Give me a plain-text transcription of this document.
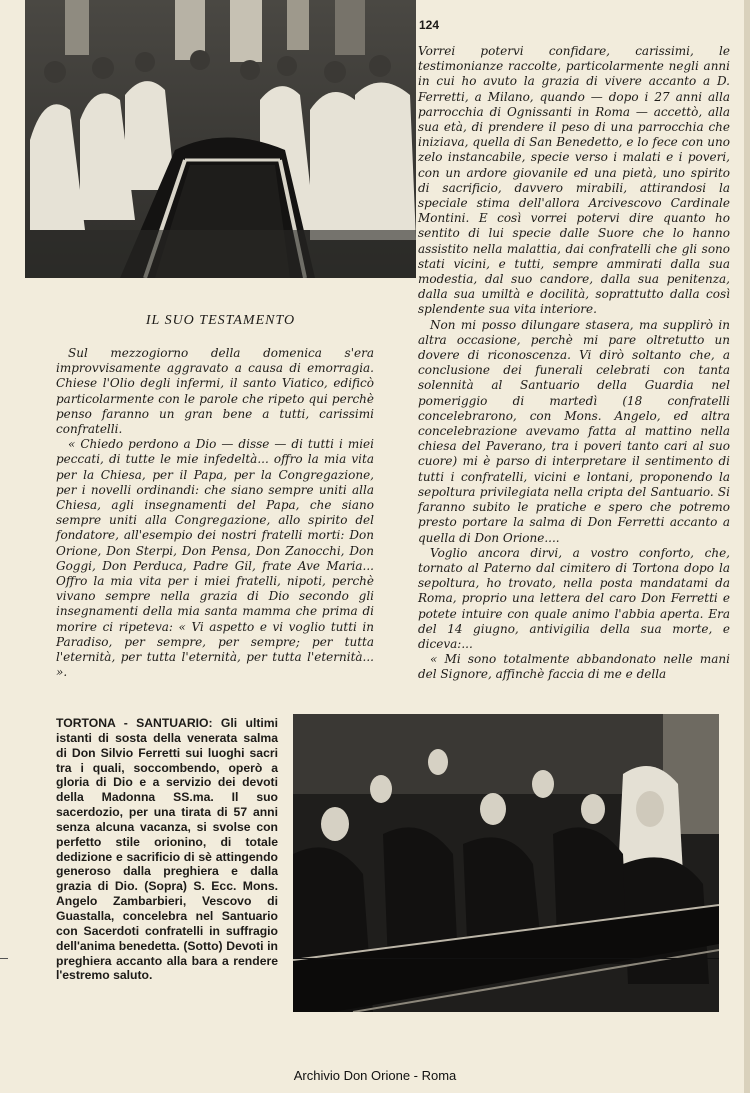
124

Vorrei potervi confidare, carissimi, le testimonianze raccolte, particolarmente negli anni in cui ho avuto la grazia di vivere accanto a D. Ferretti, a Milano, quando — dopo i 27 anni alla parrocchia di Ognissanti in Roma — accettò, alla sua età, di prendere il peso di una parrocchia che iniziava, quella di San Benedetto, e lo fece con uno zelo instancabile, specie verso i malati e i poveri, con un ardore giovanile ed una pietà, uno spirito di sacrificio, davvero mirabili, attirandosi la speciale stima dell'allora Arcivescovo Cardinale Montini. E così vorrei potervi dire quanto ho sentito di lui specie dalle Suore che lo hanno assistito nella malattia, dai confratelli che gli sono stati vicini, e tutti, sempre ammirati dalla sua modestia, dal suo candore, dalla sua penitenza, dalla sua umiltà e docilità, soprattutto dalla così splendente sua vita interiore.

Non mi posso dilungare stasera, ma supplirò in altra occasione, perchè mi pare oltretutto un dovere di riconoscenza. Vi dirò soltanto che, a conclusione dei funerali celebrati con tanta solennità al Santuario della Guardia nel pomeriggio di martedì (18 confratelli concelebrarono, con Mons. Angelo, ed altra concelebrazione avevamo fatta al mattino nella chiesa del Paverano, tra i poveri tanto cari al suo cuore) mi è parso di interpretare il sentimento di tutti i confratelli, vicini e lontani, proponendo la sepoltura privilegiata nella cripta del Santuario. Si faranno subito le pratiche e spero che potremo presto portare la salma di Don Ferretti accanto a quella di Don Orione....

Voglio ancora dirvi, a vostro conforto, che, tornato al Paterno dal cimitero di Tortona dopo la sepoltura, ho trovato, nella posta mandatami da Roma, proprio una lettera del caro Don Ferretti e potete intuire con quale animo l'abbia aperta. Era del 14 giugno, antivigilia della sua morte, e diceva:...

« Mi sono totalmente abbandonato nelle mani del Signore, affinchè faccia di me e della

IL SUO TESTAMENTO

Sul mezzogiorno della domenica s'era improvvisamente aggravato a causa di emorragia. Chiese l'Olio degli infermi, il santo Viatico, edificò particolarmente con le parole che ripeto qui perchè penso faranno un gran bene a tutti, carissimi confratelli.

« Chiedo perdono a Dio — disse — di tutti i miei peccati, di tutte le mie infedeltà... offro la mia vita per la Chiesa, per il Papa, per la Congregazione, per i novelli ordinandi: che siano sempre uniti alla Chiesa, agli insegnamenti del Papa, che siano sempre uniti alla Congregazione, allo spirito del fondatore, all'esempio dei nostri fratelli morti: Don Orione, Don Sterpi, Don Pensa, Don Zanocchi, Don Goggi, Don Perduca, Padre Gil, frate Ave Maria... Offro la mia vita per i miei fratelli, nipoti, perchè vivano sempre nella grazia di Dio secondo gli insegnamenti della mia santa mamma che prima di morire ci ripeteva: « Vi aspetto e vi voglio tutti in Paradiso, per sempre, per sempre; per tutta l'eternità, per tutta l'eternità, per tutta l'eternità... ».

TORTONA - SANTUARIO: Gli ultimi istanti di sosta della venerata salma di Don Silvio Ferretti sui luoghi sacri tra i quali, soccombendo, operò a gloria di Dio e a servizio dei devoti della Madonna SS.ma. Il suo sacerdozio, per una tirata di 57 anni senza alcuna vacanza, si svolse con perfetto stile orionino, di totale dedizione e sacrificio di sè attingendo generoso dalla preghiera e dalla grazia di Dio. (Sopra) S. Ecc. Mons. Angelo Zambarbieri, Vescovo di Guastalla, concelebra nel Santuario con Sacerdoti confratelli in suffragio dell'anima benedetta. (Sotto) Devoti in preghiera accanto alla bara a rendere l'estremo saluto.
Archivio Don Orione - Roma
